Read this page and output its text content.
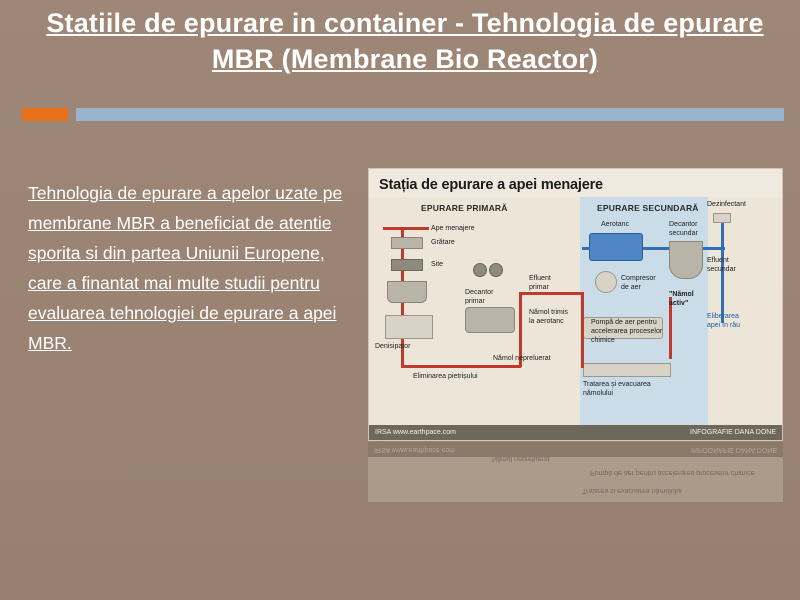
Statiile de epurare in container - Tehnologia de epurare MBR (Membrane Bio Reactor)
Tehnologia de epurare a apelor uzate pe membrane MBR a beneficiat de atentie sporita si din partea Uniunii Europene, care a finantat mai multe studii pentru evaluarea tehnologiei de epurare a apei MBR.
Stația de epurare a apei menajere
EPURARE PRIMARĂ	EPURARE SECUNDARĂ
Ape menajere
Grătare
Site
Decantor primar
Denisipator
Eliminarea pietrișului
Efluent primar
Nămol trimis la aerotanc
Nămol nepreluerat
Aerotanc
Compresor de aer
Decantor secundar
Efluent secundar
"Nămol activ"
Pompă de aer pentru accelerarea proceselor chimice
Tratarea și evacuarea nămolului
Dezinfectant
Eliberarea apei în râu
IRSA www.earthpace.com	INFOGRAFIE DANA DONE
Tratarea și evacuarea nămolului
Pompă de aer pentru accelerarea proceselor chimice
Nămol nepreluerat
IRSA www.earthpace.com	INFOGRAFIE DANA DONE
